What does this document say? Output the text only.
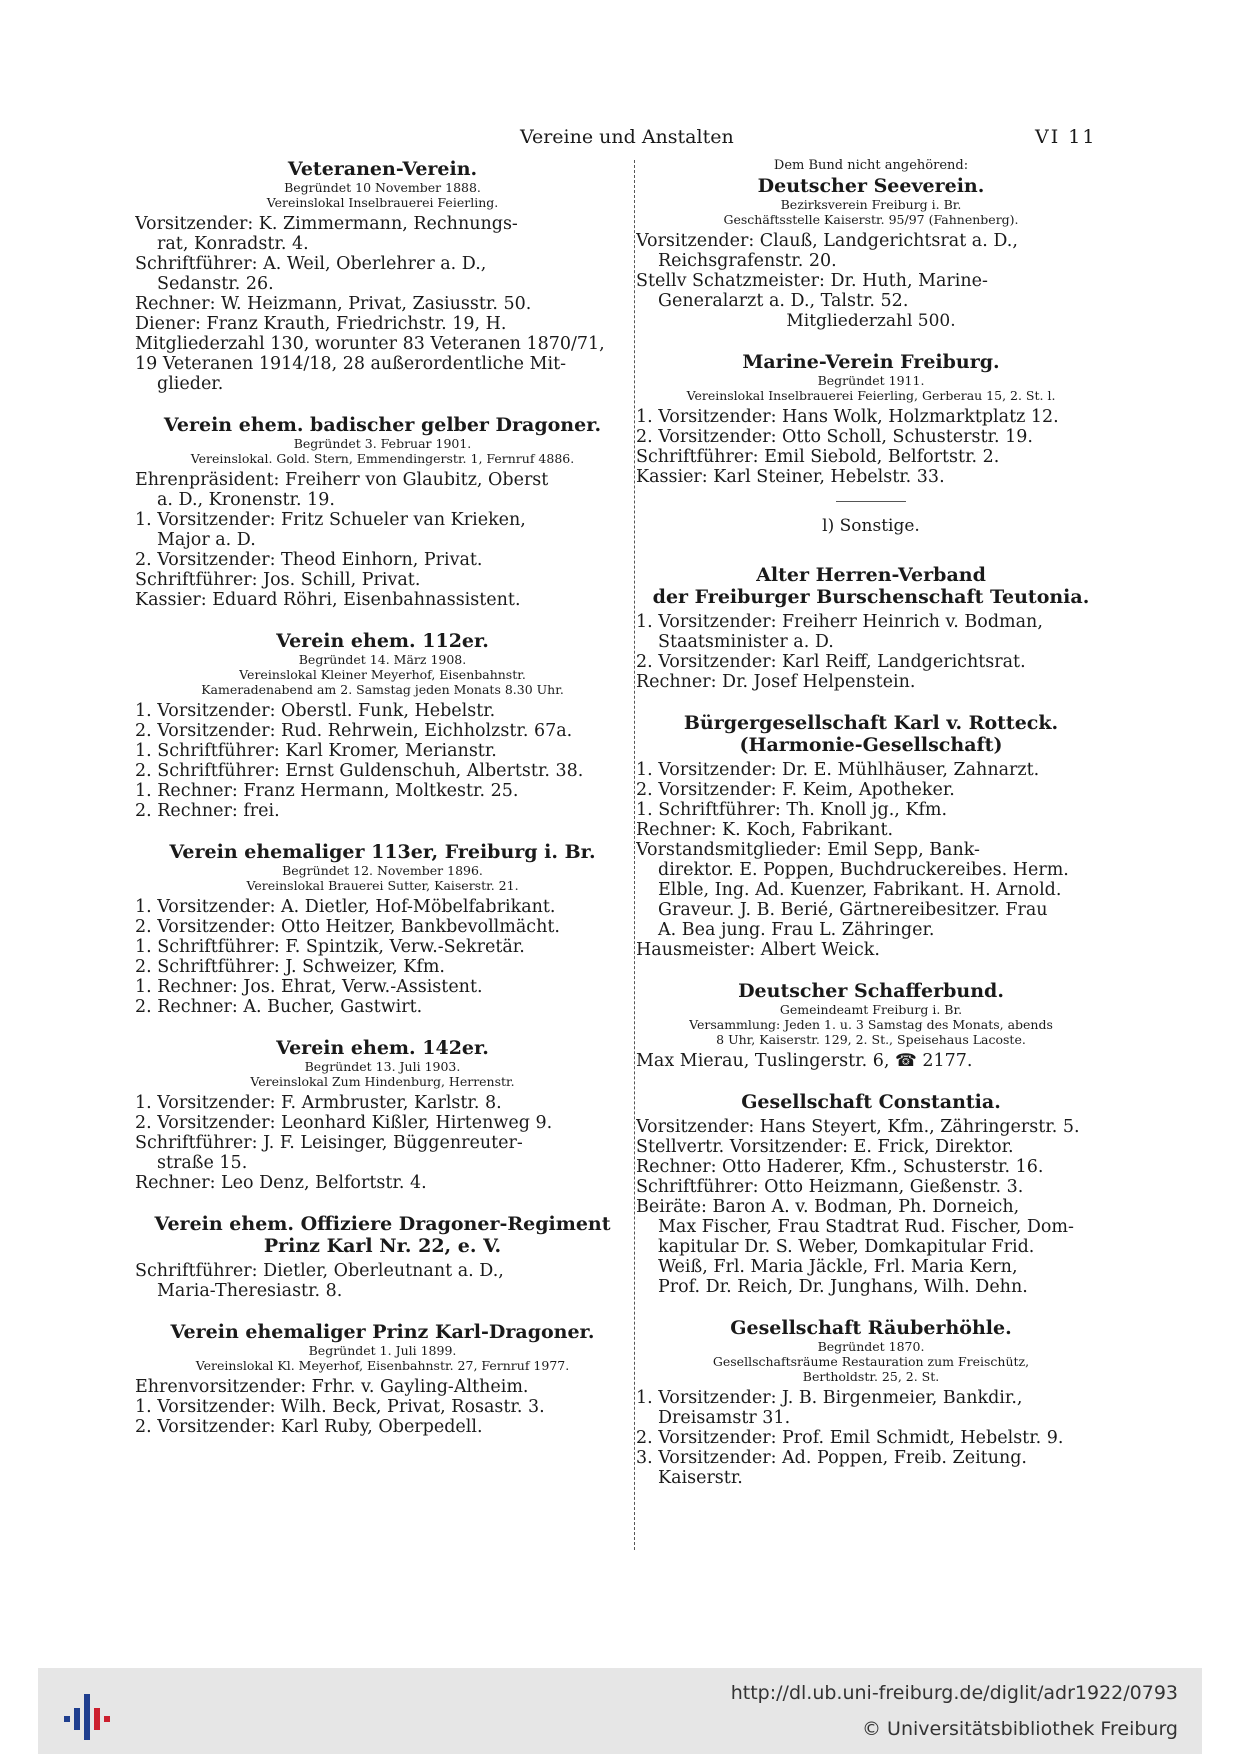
Vereine und Anstalten	VI 11
Veteranen-Verein.
Begründet 10 November 1888.
Vereinslokal Inselbrauerei Feierling.
Vorsitzender: K. Zimmermann, Rechnungs-
rat, Konradstr. 4.
Schriftführer: A. Weil, Oberlehrer a. D.,
Sedanstr. 26.
Rechner: W. Heizmann, Privat, Zasiusstr. 50.
Diener: Franz Krauth, Friedrichstr. 19, H.
Mitgliederzahl 130, worunter 83 Veteranen 1870/71,
19 Veteranen 1914/18, 28 außerordentliche Mit-
glieder.
Verein ehem. badischer gelber Dragoner.
Begründet 3. Februar 1901.
Vereinslokal. Gold. Stern, Emmendingerstr. 1, Fernruf 4886.
Ehrenpräsident: Freiherr von Glaubitz, Oberst
a. D., Kronenstr. 19.
1. Vorsitzender: Fritz Schueler van Krieken,
Major a. D.
2. Vorsitzender: Theod Einhorn, Privat.
Schriftführer: Jos. Schill, Privat.
Kassier: Eduard Röhri, Eisenbahnassistent.
Verein ehem. 112er.
Begründet 14. März 1908.
Vereinslokal Kleiner Meyerhof, Eisenbahnstr.
Kameradenabend am 2. Samstag jeden Monats 8.30 Uhr.
1. Vorsitzender: Oberstl. Funk, Hebelstr.
2. Vorsitzender: Rud. Rehrwein, Eichholzstr. 67a.
1. Schriftführer: Karl Kromer, Merianstr.
2. Schriftführer: Ernst Guldenschuh, Albertstr. 38.
1. Rechner: Franz Hermann, Moltkestr. 25.
2. Rechner: frei.
Verein ehemaliger 113er, Freiburg i. Br.
Begründet 12. November 1896.
Vereinslokal Brauerei Sutter, Kaiserstr. 21.
1. Vorsitzender: A. Dietler, Hof-Möbelfabrikant.
2. Vorsitzender: Otto Heitzer, Bankbevollmächt.
1. Schriftführer: F. Spintzik, Verw.-Sekretär.
2. Schriftführer: J. Schweizer, Kfm.
1. Rechner: Jos. Ehrat, Verw.-Assistent.
2. Rechner: A. Bucher, Gastwirt.
Verein ehem. 142er.
Begründet 13. Juli 1903.
Vereinslokal Zum Hindenburg, Herrenstr.
1. Vorsitzender: F. Armbruster, Karlstr. 8.
2. Vorsitzender: Leonhard Kißler, Hirtenweg 9.
Schriftführer: J. F. Leisinger, Büggenreuter-
straße 15.
Rechner: Leo Denz, Belfortstr. 4.
Verein ehem. Offiziere Dragoner-Regiment
Prinz Karl Nr. 22, e. V.
Schriftführer: Dietler, Oberleutnant a. D.,
Maria-Theresiastr. 8.
Verein ehemaliger Prinz Karl-Dragoner.
Begründet 1. Juli 1899.
Vereinslokal Kl. Meyerhof, Eisenbahnstr. 27, Fernruf 1977.
Ehrenvorsitzender: Frhr. v. Gayling-Altheim.
1. Vorsitzender: Wilh. Beck, Privat, Rosastr. 3.
2. Vorsitzender: Karl Ruby, Oberpedell.
Dem Bund nicht angehörend:
Deutscher Seeverein.
Bezirksverein Freiburg i. Br.
Geschäftsstelle Kaiserstr. 95/97 (Fahnenberg).
Vorsitzender: Clauß, Landgerichtsrat a. D.,
Reichsgrafenstr. 20.
Stellv Schatzmeister: Dr. Huth, Marine-
Generalarzt a. D., Talstr. 52.
Mitgliederzahl 500.
Marine-Verein Freiburg.
Begründet 1911.
Vereinslokal Inselbrauerei Feierling, Gerberau 15, 2. St. l.
1. Vorsitzender: Hans Wolk, Holzmarktplatz 12.
2. Vorsitzender: Otto Scholl, Schusterstr. 19.
Schriftführer: Emil Siebold, Belfortstr. 2.
Kassier: Karl Steiner, Hebelstr. 33.
l) Sonstige.
Alter Herren-Verband
der Freiburger Burschenschaft Teutonia.
1. Vorsitzender: Freiherr Heinrich v. Bodman,
Staatsminister a. D.
2. Vorsitzender: Karl Reiff, Landgerichtsrat.
Rechner: Dr. Josef Helpenstein.
Bürgergesellschaft Karl v. Rotteck.
(Harmonie-Gesellschaft)
1. Vorsitzender: Dr. E. Mühlhäuser, Zahnarzt.
2. Vorsitzender: F. Keim, Apotheker.
1. Schriftführer: Th. Knoll jg., Kfm.
Rechner: K. Koch, Fabrikant.
Vorstandsmitglieder: Emil Sepp, Bank-
direktor. E. Poppen, Buchdruckereibes. Herm.
Elble, Ing. Ad. Kuenzer, Fabrikant. H. Arnold.
Graveur. J. B. Berié, Gärtnereibesitzer. Frau
A. Bea jung. Frau L. Zähringer.
Hausmeister: Albert Weick.
Deutscher Schafferbund.
Gemeindeamt Freiburg i. Br.
Versammlung: Jeden 1. u. 3 Samstag des Monats, abends
8 Uhr, Kaiserstr. 129, 2. St., Speisehaus Lacoste.
Max Mierau, Tuslingerstr. 6, ☎ 2177.
Gesellschaft Constantia.
Vorsitzender: Hans Steyert, Kfm., Zähringerstr. 5.
Stellvertr. Vorsitzender: E. Frick, Direktor.
Rechner: Otto Haderer, Kfm., Schusterstr. 16.
Schriftführer: Otto Heizmann, Gießenstr. 3.
Beiräte: Baron A. v. Bodman, Ph. Dorneich,
Max Fischer, Frau Stadtrat Rud. Fischer, Dom-
kapitular Dr. S. Weber, Domkapitular Frid.
Weiß, Frl. Maria Jäckle, Frl. Maria Kern,
Prof. Dr. Reich, Dr. Junghans, Wilh. Dehn.
Gesellschaft Räuberhöhle.
Begründet 1870.
Gesellschaftsräume Restauration zum Freischütz,
Bertholdstr. 25, 2. St.
1. Vorsitzender: J. B. Birgenmeier, Bankdir.,
Dreisamstr 31.
2. Vorsitzender: Prof. Emil Schmidt, Hebelstr. 9.
3. Vorsitzender: Ad. Poppen, Freib. Zeitung.
Kaiserstr.
http://dl.ub.uni-freiburg.de/diglit/adr1922/0793
© Universitätsbibliothek Freiburg
